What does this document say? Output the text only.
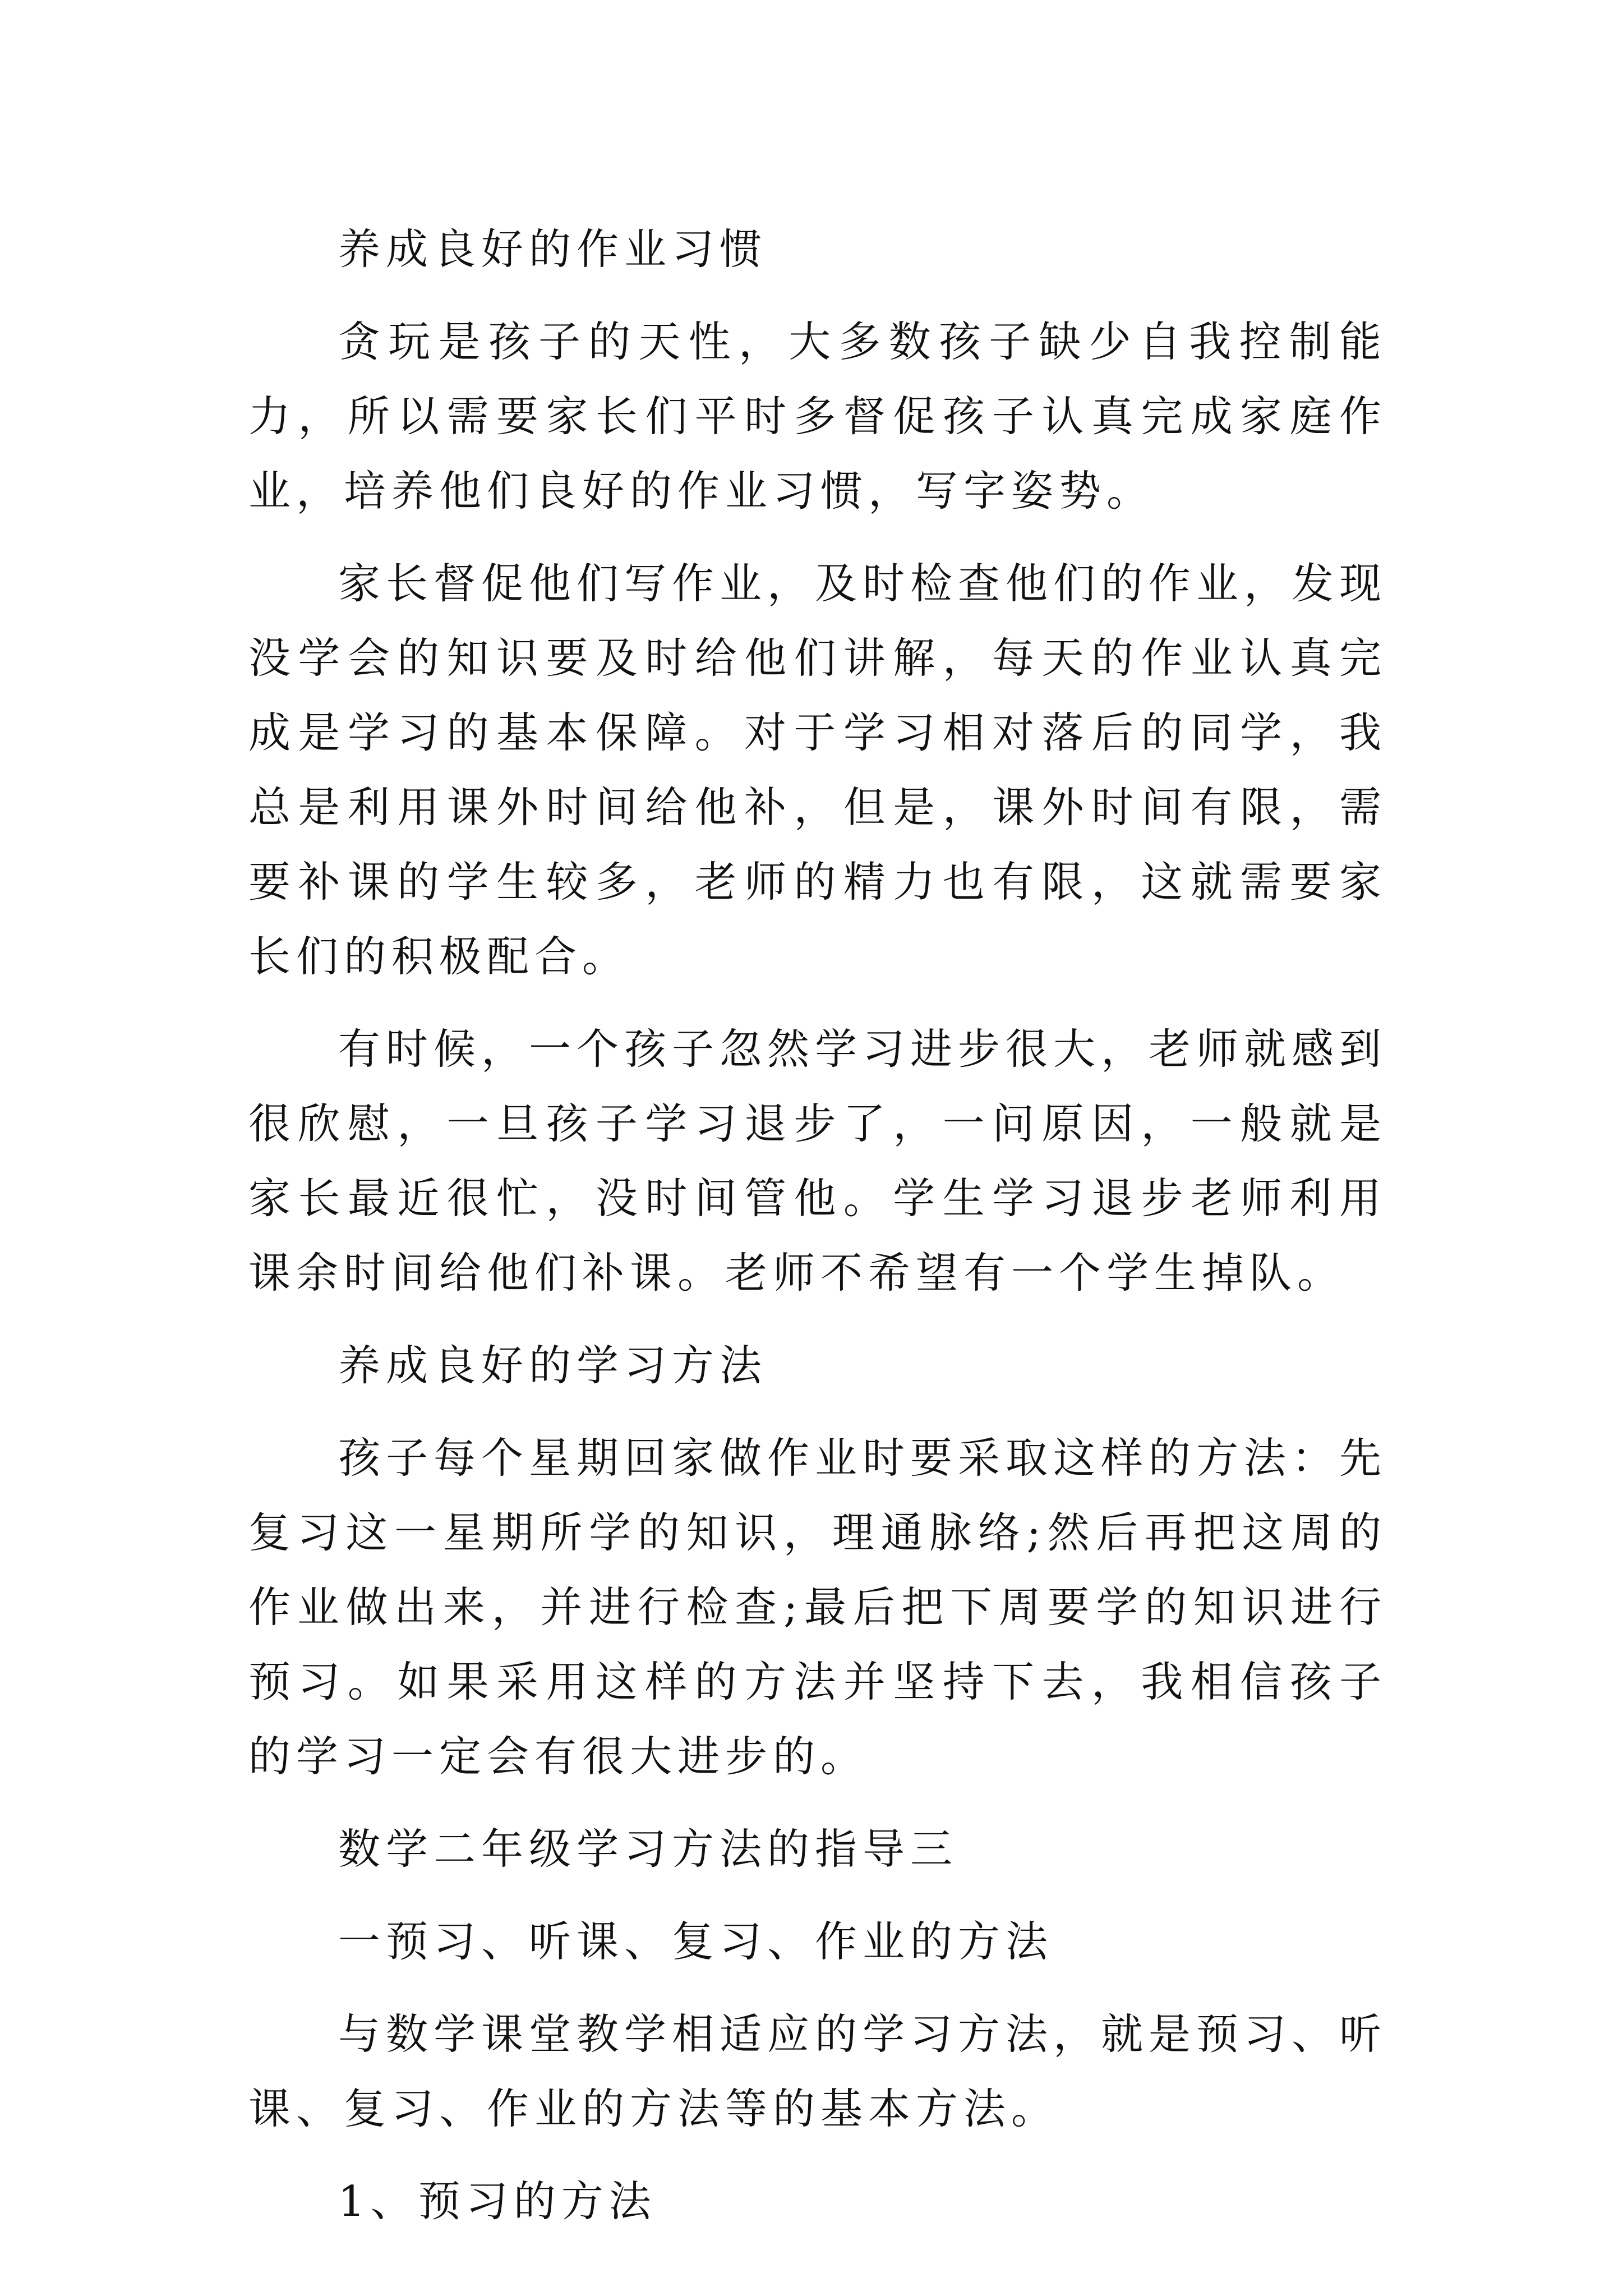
养成良好的作业习惯

贪玩是孩子的天性，大多数孩子缺少自我控制能力，所以需要家长们平时多督促孩子认真完成家庭作业，培养他们良好的作业习惯，写字姿势。

家长督促他们写作业，及时检查他们的作业，发现没学会的知识要及时给他们讲解，每天的作业认真完成是学习的基本保障。对于学习相对落后的同学，我总是利用课外时间给他补，但是，课外时间有限，需要补课的学生较多，老师的精力也有限，这就需要家长们的积极配合。

有时候，一个孩子忽然学习进步很大，老师就感到很欣慰，一旦孩子学习退步了，一问原因，一般就是家长最近很忙，没时间管他。学生学习退步老师利用课余时间给他们补课。老师不希望有一个学生掉队。

养成良好的学习方法

孩子每个星期回家做作业时要采取这样的方法：先复习这一星期所学的知识，理通脉络;然后再把这周的作业做出来，并进行检查;最后把下周要学的知识进行预习。如果采用这样的方法并坚持下去，我相信孩子的学习一定会有很大进步的。

数学二年级学习方法的指导三

一预习、听课、复习、作业的方法

与数学课堂教学相适应的学习方法，就是预习、听课、复习、作业的方法等的基本方法。

1、预习的方法
